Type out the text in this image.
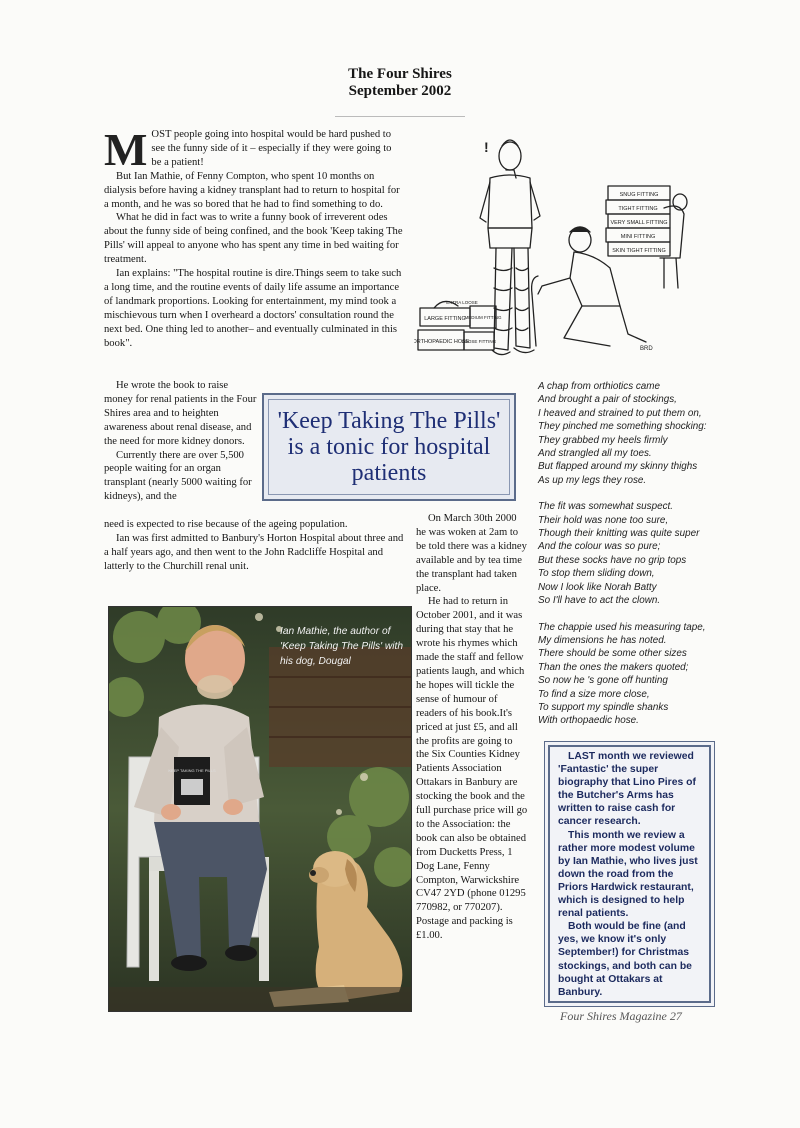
The Four Shires
September 2002

MOST people going into hospital would be hard pushed to see the funny side of it – especially if they were going to be a patient!

But Ian Mathie, of Fenny Compton, who spent 10 months on dialysis before having a kidney transplant had to return to hospital for a month, and he was so bored that he had to find something to do.

What he did in fact was to write a funny book of irreverent odes about the funny side of being confined, and the book 'Keep taking The Pills' will appeal to anyone who has spent any time in bed waiting for treatment.

Ian explains: "The hospital routine is dire.Things seem to take such a long time, and the routine events of daily life assume an importance of landmark proportions. Looking for entertainment, my mind took a mischievous turn when I overheard a doctors' consultation round the next bed. One thing led to another– and eventually culminated in this book".

He wrote the book to raise money for renal patients in the Four Shires area and to heighten awareness about renal disease, and the need for more kidney donors.

Currently there are over 5,500 people waiting for an organ transplant (nearly 5000 waiting for kidneys), and the

need is expected to rise because of the ageing population.

Ian was first admitted to Banbury's Horton Hospital about three and a half years ago, and then went to the John Radcliffe Hospital and latterly to the Churchill renal unit.

'Keep Taking The Pills' is a tonic for hospital patients

On March 30th 2000 he was woken at 2am to be told there was a kidney available and by tea time the transplant had taken place.

He had to return in October 2001, and it was during that stay that he wrote his rhymes which made the staff and fellow patients laugh, and which he hopes will tickle the sense of humour of readers of his book.It's priced at just £5, and all the profits are going to the Six Counties Kidney Patients Association Ottakars in Banbury are stocking the book and the full purchase price will go to the Association: the book can also be obtained from Ducketts Press, 1 Dog Lane, Fenny Compton, Warwickshire CV47 2YD (phone 01295 770982, or 770207). Postage and packing is £1.00.

A chap from orthiotics came
And brought a pair of stockings,
I heaved and strained to put them on,
They pinched me something shocking:
They grabbed my heels firmly
And strangled all my toes.
But flapped around my skinny thighs
As up my legs they rose.
The fit was somewhat suspect.
Their hold was none too sure,
Though their knitting was quite super
And the colour was so pure;
But these socks have no grip tops
To stop them sliding down,
Now I look like Norah Batty
So I'll have to act the clown.
The chappie used his measuring tape,
My dimensions he has noted.
There should be some other sizes
Than the ones the makers quoted;
So now he 's gone off hunting
To find a size more close,
To support my spindle shanks
With orthopaedic hose.

LAST month we reviewed 'Fantastic' the super biography that Lino Pires of the Butcher's Arms has written to raise cash for cancer research.

This month we review a rather more modest volume by Ian Mathie, who lives just down the road from the Priors Hardwick restaurant, which is designed to help renal patients.

Both would be fine (and yes, we know it's only September!) for Christmas stockings, and both can be bought at Ottakars at Banbury.

KEEP TAKING THE PILLS
Ian Mathie, the author of 'Keep Taking The Pills' with his dog, Dougal
SNUG FITTING
TIGHT FITTING
VERY SMALL FITTING
MINI FITTING
SKIN TIGHT FITTING
LARGE FITTING
MEDIUM FITTING
ORTHOPAEDIC HOSE
LOOSE FITTING
EXTRA LOOSE
!
BRD
Four Shires Magazine 27
